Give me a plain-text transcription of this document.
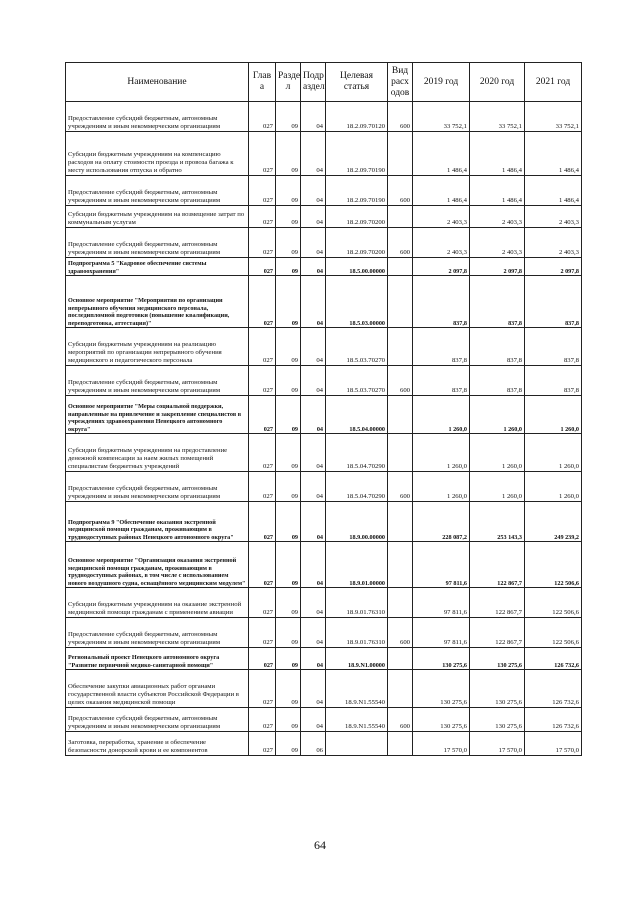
Наименование	Глав а	Разде л	Подр аздел	Целевая статья	Вид расх одов	2019 год	2020 год	2021 год
Предоставление субсидий бюджетным, автономным учреждениям и иным некоммерческим организациям	027	09	04	18.2.09.70120	600	33 752,1	33 752,1	33 752,1
Субсидии бюджетным учреждениям на компенсацию расходов на оплату стоимости проезда и провоза багажа к месту использования отпуска и обратно	027	09	04	18.2.09.70190		1 486,4	1 486,4	1 486,4
Предоставление субсидий бюджетным, автономным учреждениям и иным некоммерческим организациям	027	09	04	18.2.09.70190	600	1 486,4	1 486,4	1 486,4
Субсидии бюджетным учреждениям на возмещение затрат по коммунальным услугам	027	09	04	18.2.09.70200		2 403,3	2 403,3	2 403,3
Предоставление субсидий бюджетным, автономным учреждениям и иным некоммерческим организациям	027	09	04	18.2.09.70200	600	2 403,3	2 403,3	2 403,3
Подпрограмма 5 "Кадровое обеспечение системы здравоохранения"	027	09	04	18.5.00.00000		2 097,8	2 097,8	2 097,8
Основное мероприятие "Мероприятия по организации непрерывного обучения медицинского персонала, последипломной подготовки (повышение квалификации, переподготовка, аттестация)"	027	09	04	18.5.03.00000		837,8	837,8	837,8
Субсидии бюджетным учреждениям на реализацию мероприятий по организации непрерывного обучения медицинского и педагогического персонала	027	09	04	18.5.03.70270		837,8	837,8	837,8
Предоставление субсидий бюджетным, автономным учреждениям и иным некоммерческим организациям	027	09	04	18.5.03.70270	600	837,8	837,8	837,8
Основное мероприятие "Меры социальной поддержки, направленные на привлечение и закрепление специалистов в учреждениях здравоохранения Ненецкого автономного округа"	027	09	04	18.5.04.00000		1 260,0	1 260,0	1 260,0
Субсидии бюджетным учреждениям на предоставление денежной компенсации за наем жилых помещений специалистам бюджетных учреждений	027	09	04	18.5.04.70290		1 260,0	1 260,0	1 260,0
Предоставление субсидий бюджетным, автономным учреждениям и иным некоммерческим организациям	027	09	04	18.5.04.70290	600	1 260,0	1 260,0	1 260,0
Подпрограмма 9 "Обеспечение оказания экстренной медицинской помощи гражданам, проживающим в труднодоступных районах Ненецкого автономного округа"	027	09	04	18.9.00.00000		228 087,2	253 143,3	249 239,2
Основное мероприятие "Организация оказания экстренной медицинской помощи гражданам, проживающим в труднодоступных районах, в том числе с использованием нового воздушного судна, оснащённого медицинским модулем"	027	09	04	18.9.01.00000		97 811,6	122 867,7	122 506,6
Субсидии бюджетным учреждениям на оказание экстренной медицинской помощи гражданам с применением авиации	027	09	04	18.9.01.76310		97 811,6	122 867,7	122 506,6
Предоставление субсидий бюджетным, автономным учреждениям и иным некоммерческим организациям	027	09	04	18.9.01.76310	600	97 811,6	122 867,7	122 506,6
Региональный проект Ненецкого автономного округа "Развитие первичной медико-санитарной помощи"	027	09	04	18.9.N1.00000		130 275,6	130 275,6	126 732,6
Обеспечение закупки авиационных работ органами государственной власти субъектов Российской Федерации в целях оказания медицинской помощи	027	09	04	18.9.N1.55540		130 275,6	130 275,6	126 732,6
Предоставление субсидий бюджетным, автономным учреждениям и иным некоммерческим организациям	027	09	04	18.9.N1.55540	600	130 275,6	130 275,6	126 732,6
Заготовка, переработка, хранение и обеспечение безопасности донорской крови и ее компонентов	027	09	06			17 570,0	17 570,0	17 570,0
64
